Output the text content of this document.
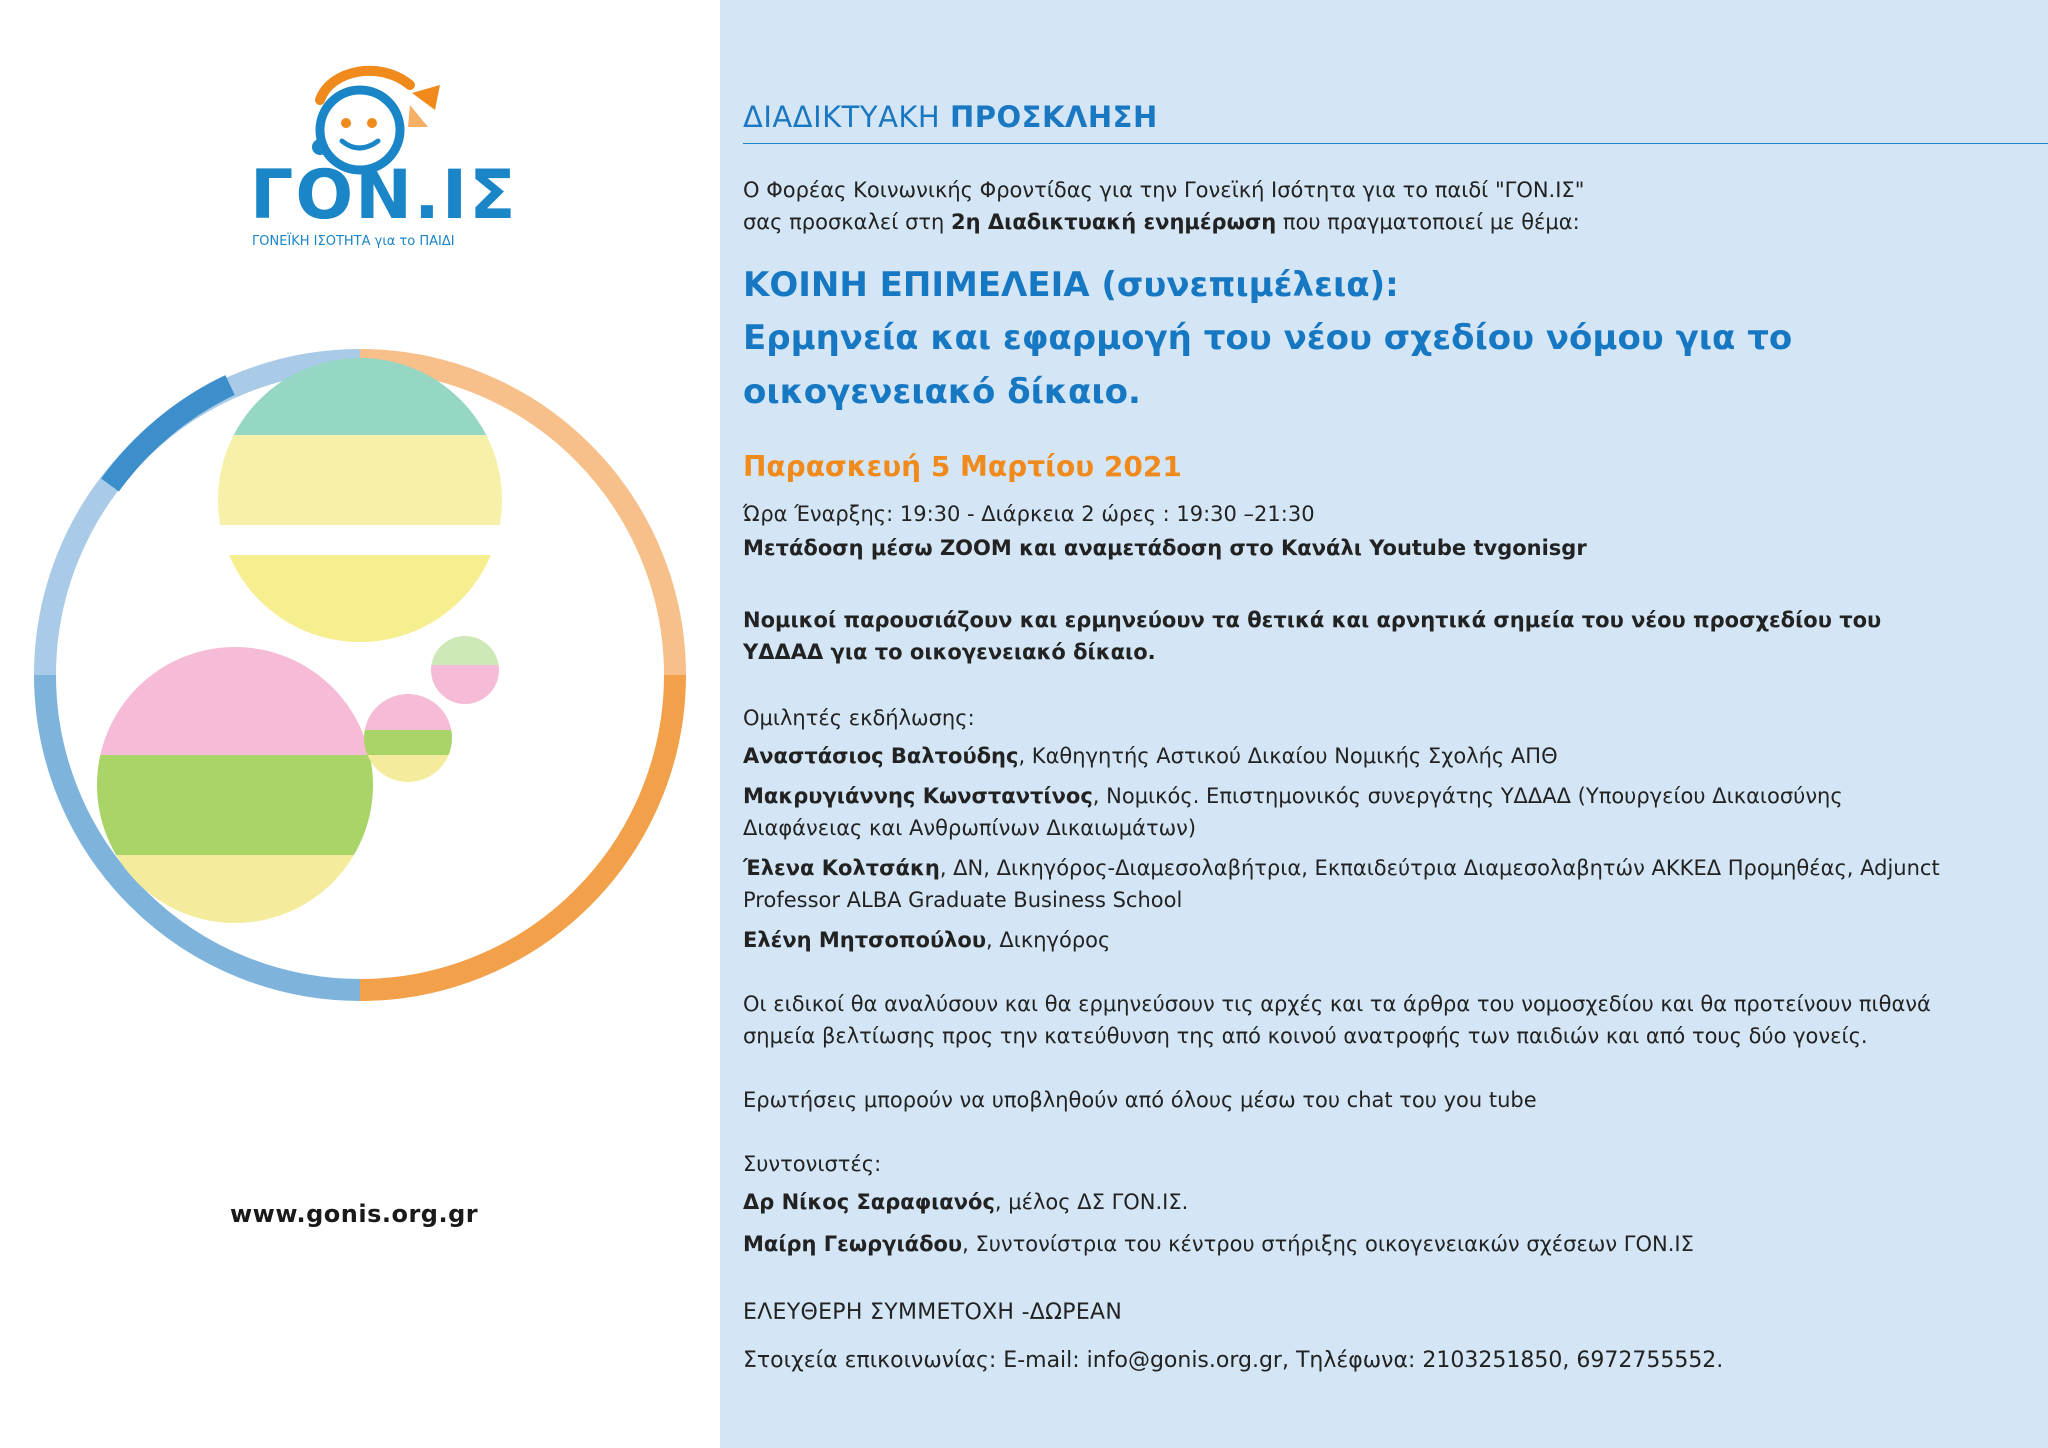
ΓΟΝ.ΙΣ
ΓΟΝΕΪΚΗ ΙΣΟΤΗΤΑ για το ΠΑΙΔΙ
www.gonis.org.gr
ΔΙΑΔΙΚΤΥΑΚΗ ΠΡΟΣΚΛΗΣΗ
Ο Φορέας Κοινωνικής Φροντίδας για την Γονεϊκή Ισότητα για το παιδί "ΓΟΝ.ΙΣ"
σας προσκαλεί στη 2η Διαδικτυακή ενημέρωση που πραγματοποιεί με θέμα:
ΚΟΙΝΗ ΕΠΙΜΕΛΕΙΑ (συνεπιμέλεια):
Ερμηνεία και εφαρμογή του νέου σχεδίου νόμου για το
οικογενειακό δίκαιο.
Παρασκευή 5 Μαρτίου 2021
Ώρα Έναρξης: 19:30 - Διάρκεια 2 ώρες : 19:30 –21:30
Μετάδοση μέσω ZOOM και αναμετάδοση στο Κανάλι Youtube tvgonisgr
Νομικοί παρουσιάζουν και ερμηνεύουν τα θετικά και αρνητικά σημεία του νέου προσχεδίου του
ΥΔΔΑΔ για το οικογενειακό δίκαιο.
Ομιλητές εκδήλωσης:
Αναστάσιος Βαλτούδης, Καθηγητής Αστικού Δικαίου Νομικής Σχολής ΑΠΘ
Μακρυγιάννης Κωνσταντίνος, Νομικός. Επιστημονικός συνεργάτης ΥΔΔΑΔ (Υπουργείου Δικαιοσύνης
Διαφάνειας και Ανθρωπίνων Δικαιωμάτων)
Έλενα Κολτσάκη, ΔΝ, Δικηγόρος-Διαμεσολαβήτρια, Εκπαιδεύτρια Διαμεσολαβητών ΑΚΚΕΔ Προμηθέας, Adjunct
Professor ALBA Graduate Business School
Ελένη Μητσοπούλου, Δικηγόρος
Οι ειδικοί θα αναλύσουν και θα ερμηνεύσουν τις αρχές και τα άρθρα του νομοσχεδίου και θα προτείνουν πιθανά
σημεία βελτίωσης προς την κατεύθυνση της από κοινού ανατροφής των παιδιών και από τους δύο γονείς.
Ερωτήσεις μπορούν να υποβληθούν από όλους μέσω του chat του you tube
Συντονιστές:
Δρ Νίκος Σαραφιανός, μέλος ΔΣ ΓΟΝ.ΙΣ.
Μαίρη Γεωργιάδου, Συντονίστρια του κέντρου στήριξης οικογενειακών σχέσεων ΓΟΝ.ΙΣ
ΕΛΕΥΘΕΡΗ ΣΥΜΜΕΤΟΧΗ -ΔΩΡΕΑΝ
Στοιχεία επικοινωνίας: E-mail: info@gonis.org.gr, Τηλέφωνα: 2103251850, 6972755552.
